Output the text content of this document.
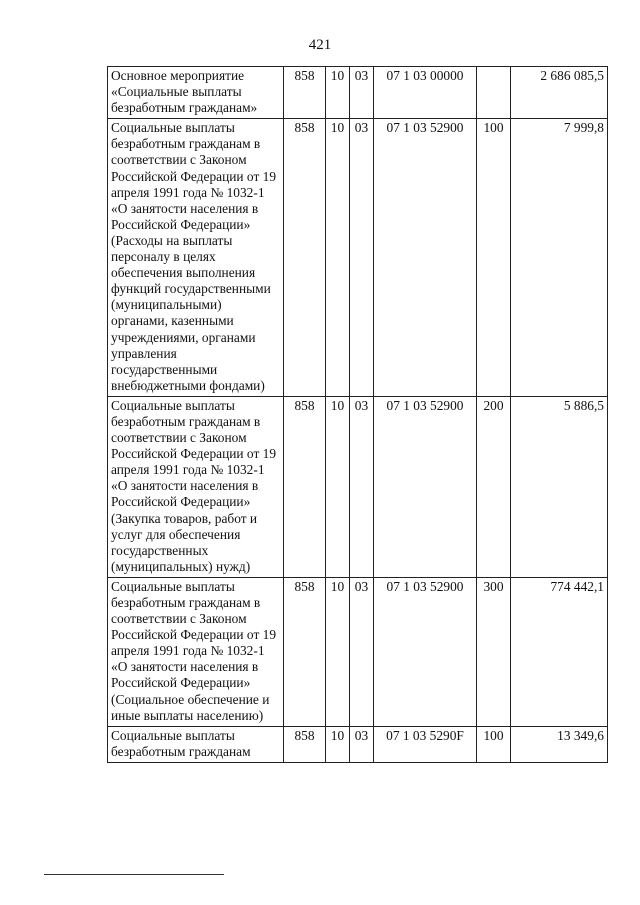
421
Основное мероприятие «Социальные выплаты безработным гражданам»	858	10	03	07 1 03 00000		2 686 085,5
Социальные выплаты безработным гражданам в соответствии с Законом Российской Федерации от 19 апреля 1991 года № 1032-1 «О занятости населения в Российской Федерации» (Расходы на выплаты персоналу в целях обеспечения выполнения функций государственными (муниципальными) органами, казенными учреждениями, органами управления государственными внебюджетными фондами)	858	10	03	07 1 03 52900	100	7 999,8
Социальные выплаты безработным гражданам в соответствии с Законом Российской Федерации от 19 апреля 1991 года № 1032-1 «О занятости населения в Российской Федерации» (Закупка товаров, работ и услуг для обеспечения государственных (муниципальных) нужд)	858	10	03	07 1 03 52900	200	5 886,5
Социальные выплаты безработным гражданам в соответствии с Законом Российской Федерации от 19 апреля 1991 года № 1032-1 «О занятости населения в Российской Федерации» (Социальное обеспечение и иные выплаты населению)	858	10	03	07 1 03 52900	300	774 442,1
Социальные выплаты безработным гражданам	858	10	03	07 1 03 5290F	100	13 349,6
